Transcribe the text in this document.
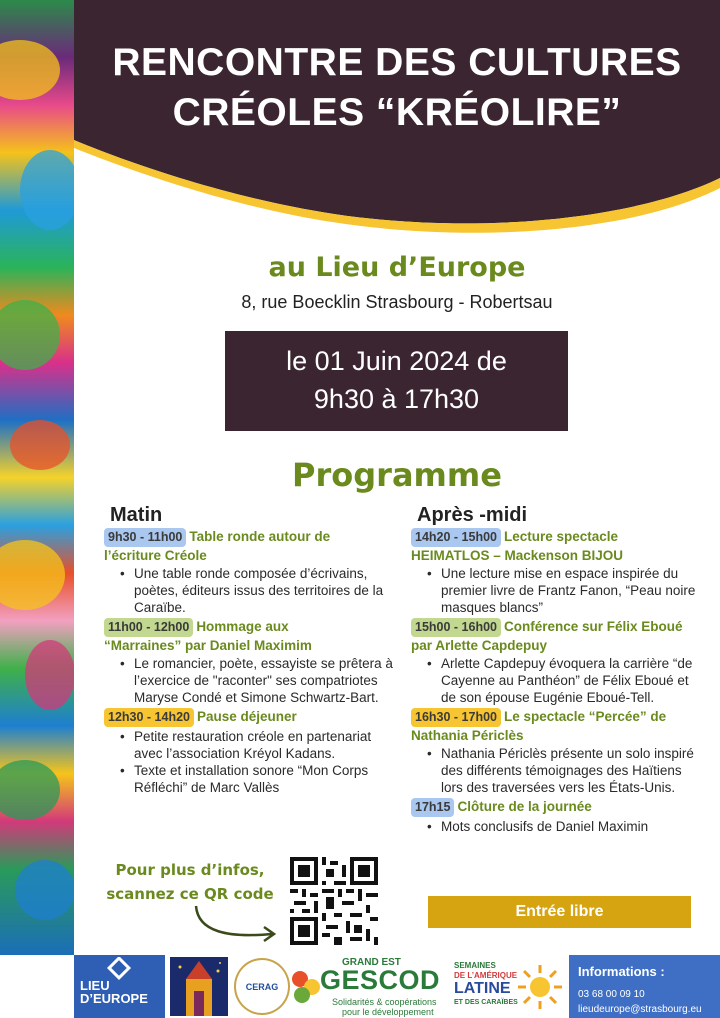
RENCONTRE DES CULTURES
CRÉOLES “KRÉOLIRE”
au Lieu d’Europe
8, rue Boecklin Strasbourg - Robertsau
le 01 Juin 2024 de
9h30 à 17h30
Programme
Matin
9h30 - 11h00 Table ronde autour de
l’écriture Créole
• Une table ronde composée d’écrivains, poètes, éditeurs issus des territoires de la Caraïbe.
11h00 - 12h00 Hommage aux
“Marraines” par Daniel Maximim
• Le romancier, poète, essayiste se prêtera à l’exercice de "raconter" ses compatriotes Maryse Condé et Simone Schwartz-Bart.
12h30 - 14h20 Pause déjeuner
• Petite restauration créole en partenariat avec l’association Kréyol Kadans.
• Texte et installation sonore “Mon Corps Réfléchi” de Marc Vallès
Après -midi
14h20 - 15h00 Lecture spectacle
HEIMATLOS – Mackenson BIJOU
• Une lecture mise en espace inspirée du premier livre de Frantz Fanon, “Peau noire masques blancs”
15h00 - 16h00 Conférence sur Félix Eboué
par Arlette Capdepuy
• Arlette Capdepuy évoquera la carrière “de Cayenne au Panthéon” de Félix Eboué et de son épouse Eugénie Eboué-Tell.
16h30 - 17h00 Le spectacle “Percée” de
Nathania Périclès
• Nathania Périclès présente un solo inspiré des différents témoignages des Haïtiens lors des traversées vers les États-Unis.
17h15 Clôture de la journée
• Mots conclusifs de Daniel Maximin
Pour plus d’infos,
scannez ce QR code
Entrée libre
LIEU
D’EUROPE
CERAG
GRAND EST
GESCOD
Solidarités & coopérations
pour le développement
SEMAINES
DE L’AMÉRIQUE
LATINE
ET DES CARAÏBES
Informations :
03 68 00 09 10
lieudeurope@strasbourg.eu
